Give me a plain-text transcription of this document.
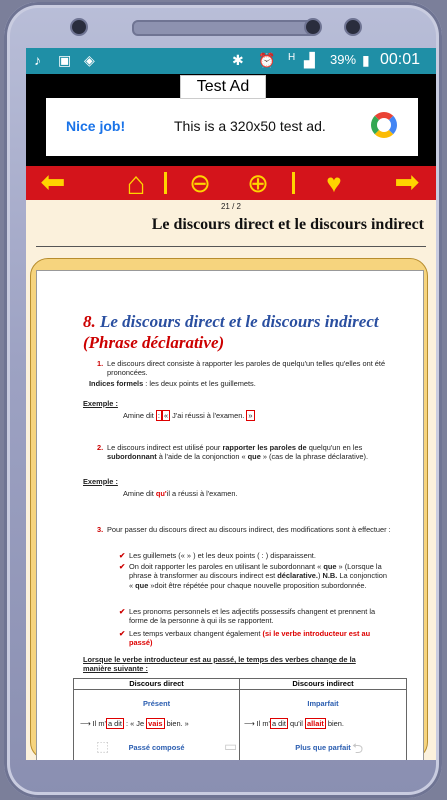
♪ ▣ ◈	✱ ⏰ H ▟ 39% ▮ 00:01
Nice job!	This is a 320x50 test ad.
Test Ad
⬅	⌂	⊖ ⊕	♥	➡
21 / 2
Le discours direct et le discours indirect
8. Le discours direct et le discours indirect (Phrase déclarative)
1. Le discours direct consiste à rapporter les paroles de quelqu'un telles qu'elles ont été prononcées.
Indices formels : les deux points et les guillemets.
Exemple :
Amine dit : « J'ai réussi à l'examen. »
2. Le discours indirect est utilisé pour rapporter les paroles de quelqu'un en les subordonnant à l'aide de la conjonction « que » (cas de la phrase déclarative).
Exemple :
Amine dit qu'il a réussi à l'examen.
3. Pour passer du discours direct au discours indirect, des modifications sont à effectuer :
✔ Les guillemets (« » ) et les deux points ( : ) disparaissent.
✔ On doit rapporter les paroles en utilisant le subordonnant « que » (Lorsque la phrase à transformer au discours indirect est déclarative.) N.B. La conjonction « que »doit être répétée pour chaque nouvelle proposition subordonnée.
✔ Les pronoms personnels et les adjectifs possessifs changent et prennent la forme de la personne à qui ils se rapportent.
✔ Les temps verbaux changent également (si le verbe introducteur est au passé)
Lorsque le verbe introducteur est au passé, le temps des verbes change de la manière suivante :
Discours direct	Discours indirect
Présent	Imparfait
⟶ Il m' a dit : « Je vais bien. »	⟶ Il m' a dit qu'il allait bien.
Passé composé	Plus que parfait
⬚	▭	⮌
